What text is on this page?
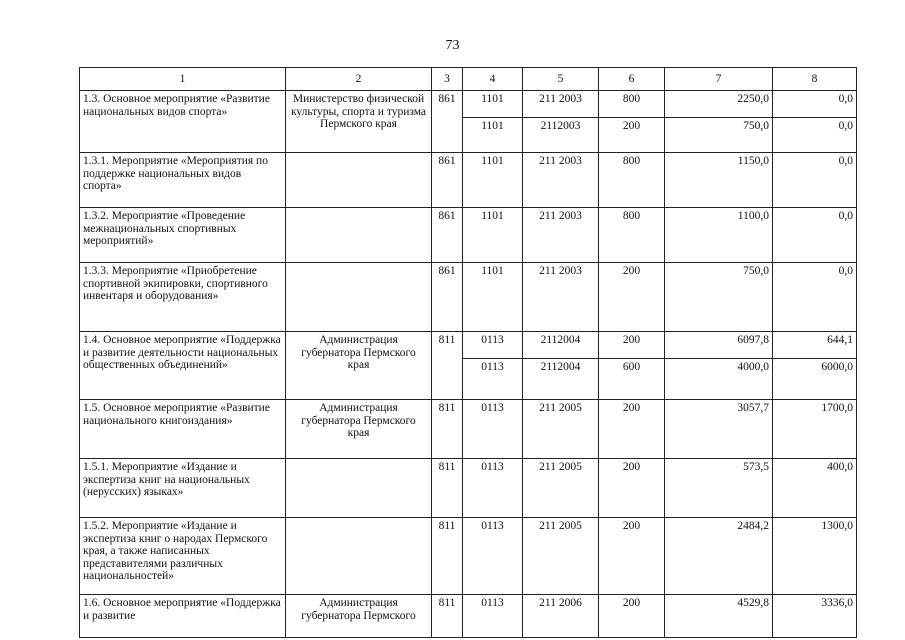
73
1	2	3	4	5	6	7	8
1.3. Основное мероприятие «Развитие национальных видов спорта»	Министерство физической культуры, спорта и туризма Пермского края	861	1101	211 2003	800	2250,0	0,0
			1101	2112003	200	750,0	0,0
1.3.1. Мероприятие «Мероприятия по поддержке национальных видов спорта»		861	1101	211 2003	800	1150,0	0,0
1.3.2. Мероприятие «Проведение межнациональных спортивных мероприятий»		861	1101	211 2003	800	1100,0	0,0
1.3.3. Мероприятие «Приобретение спортивной экипировки, спортивного инвентаря и оборудования»		861	1101	211 2003	200	750,0	0,0
1.4. Основное мероприятие «Поддержка и развитие деятельности национальных общественных объединений»	Администрация губернатора Пермского края	811	0113	2112004	200	6097,8	644,1
			0113	2112004	600	4000,0	6000,0
1.5. Основное мероприятие «Развитие национального книгоиздания»	Администрация губернатора Пермского края	811	0113	211 2005	200	3057,7	1700,0
1.5.1. Мероприятие «Издание и экспертиза книг на национальных (нерусских) языках»		811	0113	211 2005	200	573,5	400,0
1.5.2. Мероприятие «Издание и экспертиза книг о народах Пермского края, а также написанных представителями различных национальностей»		811	0113	211 2005	200	2484,2	1300,0
1.6. Основное мероприятие «Поддержка и развитие	Администрация губернатора Пермского	811	0113	211 2006	200	4529,8	3336,0
